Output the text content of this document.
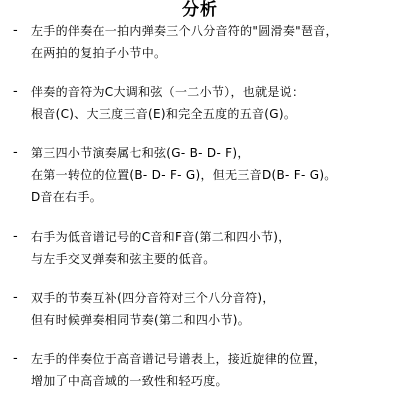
分析
-	左手的伴奏在一拍内弹奏三个八分音符的"圆滑奏"琶音，
在两拍的复拍子小节中。
-	伴奏的音符为C大调和弦（一二小节），也就是说：
根音(C)、大三度三音(E)和完全五度的五音(G)。
-	第三四小节演奏属七和弦(G- B- D- F)，
在第一转位的位置(B- D- F- G)，但无三音D(B- F- G)。
D音在右手。
-	右手为低音谱记号的C音和F音(第二和四小节)，
与左手交叉弹奏和弦主要的低音。
-	双手的节奏互补(四分音符对三个八分音符)，
但有时候弹奏相同节奏(第二和四小节)。
-	左手的伴奏位于高音谱记号谱表上，接近旋律的位置，
增加了中高音域的一致性和轻巧度。
